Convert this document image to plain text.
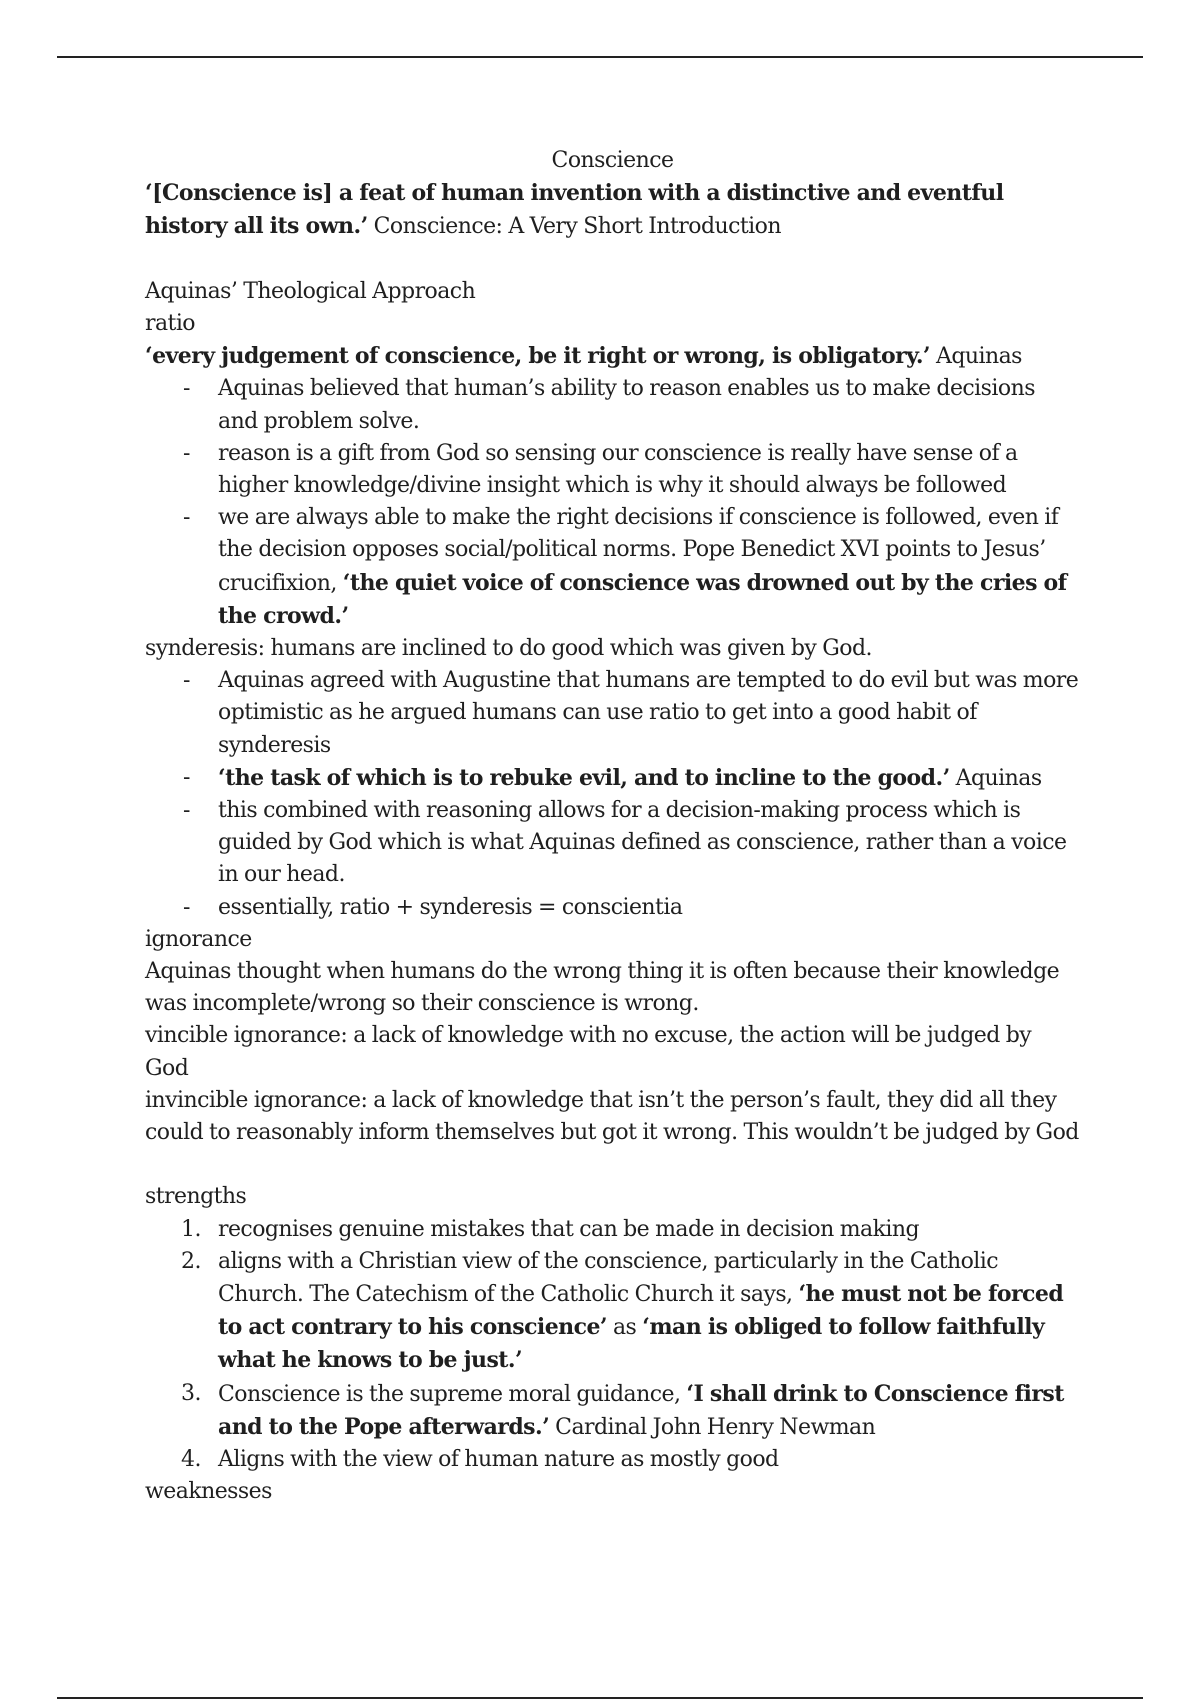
Conscience
‘[Conscience is] a feat of human invention with a distinctive and eventful history all its own.’ Conscience: A Very Short Introduction
Aquinas’ Theological Approach
ratio
‘every judgement of conscience, be it right or wrong, is obligatory.’ Aquinas
- Aquinas believed that human’s ability to reason enables us to make decisions and problem solve.
- reason is a gift from God so sensing our conscience is really have sense of a higher knowledge/divine insight which is why it should always be followed
- we are always able to make the right decisions if conscience is followed, even if the decision opposes social/political norms. Pope Benedict XVI points to Jesus’ crucifixion, ‘the quiet voice of conscience was drowned out by the cries of the crowd.’
synderesis: humans are inclined to do good which was given by God.
- Aquinas agreed with Augustine that humans are tempted to do evil but was more optimistic as he argued humans can use ratio to get into a good habit of synderesis
- ‘the task of which is to rebuke evil, and to incline to the good.’ Aquinas
- this combined with reasoning allows for a decision-making process which is guided by God which is what Aquinas defined as conscience, rather than a voice in our head.
- essentially, ratio + synderesis = conscientia
ignorance
Aquinas thought when humans do the wrong thing it is often because their knowledge was incomplete/wrong so their conscience is wrong.
vincible ignorance: a lack of knowledge with no excuse, the action will be judged by God
invincible ignorance: a lack of knowledge that isn’t the person’s fault, they did all they could to reasonably inform themselves but got it wrong. This wouldn’t be judged by God
strengths
1. recognises genuine mistakes that can be made in decision making
2. aligns with a Christian view of the conscience, particularly in the Catholic Church. The Catechism of the Catholic Church it says, ‘he must not be forced to act contrary to his conscience’ as ‘man is obliged to follow faithfully what he knows to be just.’
3. Conscience is the supreme moral guidance, ‘I shall drink to Conscience first and to the Pope afterwards.’ Cardinal John Henry Newman
4. Aligns with the view of human nature as mostly good
weaknesses
